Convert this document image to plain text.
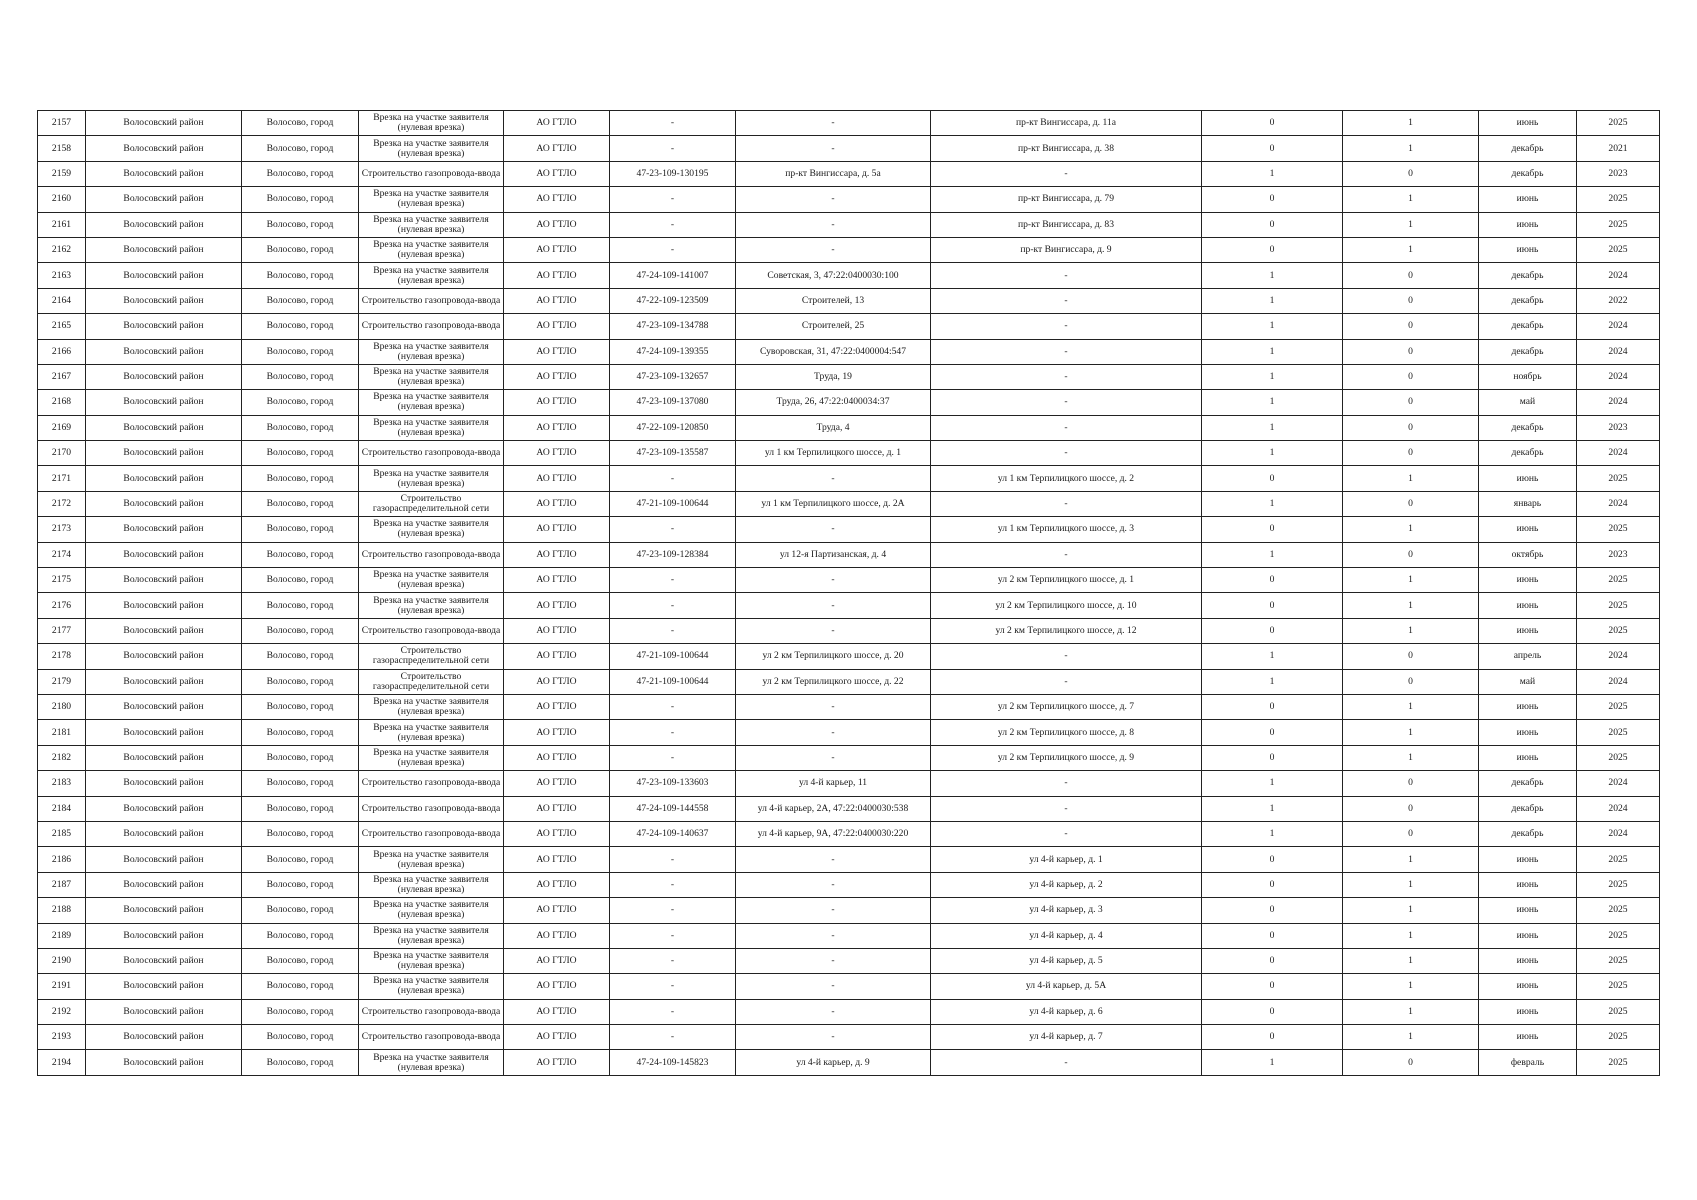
2157	Волосовский район	Волосово, город	Врезка на участке заявителя (нулевая врезка)	АО ГТЛО	-	-	пр-кт Вингиссара, д. 11а	0	1	июнь	2025
2158	Волосовский район	Волосово, город	Врезка на участке заявителя (нулевая врезка)	АО ГТЛО	-	-	пр-кт Вингиссара, д. 38	0	1	декабрь	2021
2159	Волосовский район	Волосово, город	Строительство газопровода-ввода	АО ГТЛО	47-23-109-130195	пр-кт Вингиссара, д. 5а	-	1	0	декабрь	2023
2160	Волосовский район	Волосово, город	Врезка на участке заявителя (нулевая врезка)	АО ГТЛО	-	-	пр-кт Вингиссара, д. 79	0	1	июнь	2025
2161	Волосовский район	Волосово, город	Врезка на участке заявителя (нулевая врезка)	АО ГТЛО	-	-	пр-кт Вингиссара, д. 83	0	1	июнь	2025
2162	Волосовский район	Волосово, город	Врезка на участке заявителя (нулевая врезка)	АО ГТЛО	-	-	пр-кт Вингиссара, д. 9	0	1	июнь	2025
2163	Волосовский район	Волосово, город	Врезка на участке заявителя (нулевая врезка)	АО ГТЛО	47-24-109-141007	Советская, 3, 47:22:0400030:100	-	1	0	декабрь	2024
2164	Волосовский район	Волосово, город	Строительство газопровода-ввода	АО ГТЛО	47-22-109-123509	Строителей, 13	-	1	0	декабрь	2022
2165	Волосовский район	Волосово, город	Строительство газопровода-ввода	АО ГТЛО	47-23-109-134788	Строителей, 25	-	1	0	декабрь	2024
2166	Волосовский район	Волосово, город	Врезка на участке заявителя (нулевая врезка)	АО ГТЛО	47-24-109-139355	Суворовская, 31, 47:22:0400004:547	-	1	0	декабрь	2024
2167	Волосовский район	Волосово, город	Врезка на участке заявителя (нулевая врезка)	АО ГТЛО	47-23-109-132657	Труда, 19	-	1	0	ноябрь	2024
2168	Волосовский район	Волосово, город	Врезка на участке заявителя (нулевая врезка)	АО ГТЛО	47-23-109-137080	Труда, 26, 47:22:0400034:37	-	1	0	май	2024
2169	Волосовский район	Волосово, город	Врезка на участке заявителя (нулевая врезка)	АО ГТЛО	47-22-109-120850	Труда, 4	-	1	0	декабрь	2023
2170	Волосовский район	Волосово, город	Строительство газопровода-ввода	АО ГТЛО	47-23-109-135587	ул 1 км Терпилицкого шоссе, д. 1	-	1	0	декабрь	2024
2171	Волосовский район	Волосово, город	Врезка на участке заявителя (нулевая врезка)	АО ГТЛО	-	-	ул 1 км Терпилицкого шоссе, д. 2	0	1	июнь	2025
2172	Волосовский район	Волосово, город	Строительство газораспределительной сети	АО ГТЛО	47-21-109-100644	ул 1 км Терпилицкого шоссе, д. 2А	-	1	0	январь	2024
2173	Волосовский район	Волосово, город	Врезка на участке заявителя (нулевая врезка)	АО ГТЛО	-	-	ул 1 км Терпилицкого шоссе, д. 3	0	1	июнь	2025
2174	Волосовский район	Волосово, город	Строительство газопровода-ввода	АО ГТЛО	47-23-109-128384	ул 12-я Партизанская, д. 4	-	1	0	октябрь	2023
2175	Волосовский район	Волосово, город	Врезка на участке заявителя (нулевая врезка)	АО ГТЛО	-	-	ул 2 км Терпилицкого шоссе, д. 1	0	1	июнь	2025
2176	Волосовский район	Волосово, город	Врезка на участке заявителя (нулевая врезка)	АО ГТЛО	-	-	ул 2 км Терпилицкого шоссе, д. 10	0	1	июнь	2025
2177	Волосовский район	Волосово, город	Строительство газопровода-ввода	АО ГТЛО	-	-	ул 2 км Терпилицкого шоссе, д. 12	0	1	июнь	2025
2178	Волосовский район	Волосово, город	Строительство газораспределительной сети	АО ГТЛО	47-21-109-100644	ул 2 км Терпилицкого шоссе, д. 20	-	1	0	апрель	2024
2179	Волосовский район	Волосово, город	Строительство газораспределительной сети	АО ГТЛО	47-21-109-100644	ул 2 км Терпилицкого шоссе, д. 22	-	1	0	май	2024
2180	Волосовский район	Волосово, город	Врезка на участке заявителя (нулевая врезка)	АО ГТЛО	-	-	ул 2 км Терпилицкого шоссе, д. 7	0	1	июнь	2025
2181	Волосовский район	Волосово, город	Врезка на участке заявителя (нулевая врезка)	АО ГТЛО	-	-	ул 2 км Терпилицкого шоссе, д. 8	0	1	июнь	2025
2182	Волосовский район	Волосово, город	Врезка на участке заявителя (нулевая врезка)	АО ГТЛО	-	-	ул 2 км Терпилицкого шоссе, д. 9	0	1	июнь	2025
2183	Волосовский район	Волосово, город	Строительство газопровода-ввода	АО ГТЛО	47-23-109-133603	ул 4-й карьер, 11	-	1	0	декабрь	2024
2184	Волосовский район	Волосово, город	Строительство газопровода-ввода	АО ГТЛО	47-24-109-144558	ул 4-й карьер, 2А, 47:22:0400030:538	-	1	0	декабрь	2024
2185	Волосовский район	Волосово, город	Строительство газопровода-ввода	АО ГТЛО	47-24-109-140637	ул 4-й карьер, 9А, 47:22:0400030:220	-	1	0	декабрь	2024
2186	Волосовский район	Волосово, город	Врезка на участке заявителя (нулевая врезка)	АО ГТЛО	-	-	ул 4-й карьер, д. 1	0	1	июнь	2025
2187	Волосовский район	Волосово, город	Врезка на участке заявителя (нулевая врезка)	АО ГТЛО	-	-	ул 4-й карьер, д. 2	0	1	июнь	2025
2188	Волосовский район	Волосово, город	Врезка на участке заявителя (нулевая врезка)	АО ГТЛО	-	-	ул 4-й карьер, д. 3	0	1	июнь	2025
2189	Волосовский район	Волосово, город	Врезка на участке заявителя (нулевая врезка)	АО ГТЛО	-	-	ул 4-й карьер, д. 4	0	1	июнь	2025
2190	Волосовский район	Волосово, город	Врезка на участке заявителя (нулевая врезка)	АО ГТЛО	-	-	ул 4-й карьер, д. 5	0	1	июнь	2025
2191	Волосовский район	Волосово, город	Врезка на участке заявителя (нулевая врезка)	АО ГТЛО	-	-	ул 4-й карьер, д. 5А	0	1	июнь	2025
2192	Волосовский район	Волосово, город	Строительство газопровода-ввода	АО ГТЛО	-	-	ул 4-й карьер, д. 6	0	1	июнь	2025
2193	Волосовский район	Волосово, город	Строительство газопровода-ввода	АО ГТЛО	-	-	ул 4-й карьер, д. 7	0	1	июнь	2025
2194	Волосовский район	Волосово, город	Врезка на участке заявителя (нулевая врезка)	АО ГТЛО	47-24-109-145823	ул 4-й карьер, д. 9	-	1	0	февраль	2025
